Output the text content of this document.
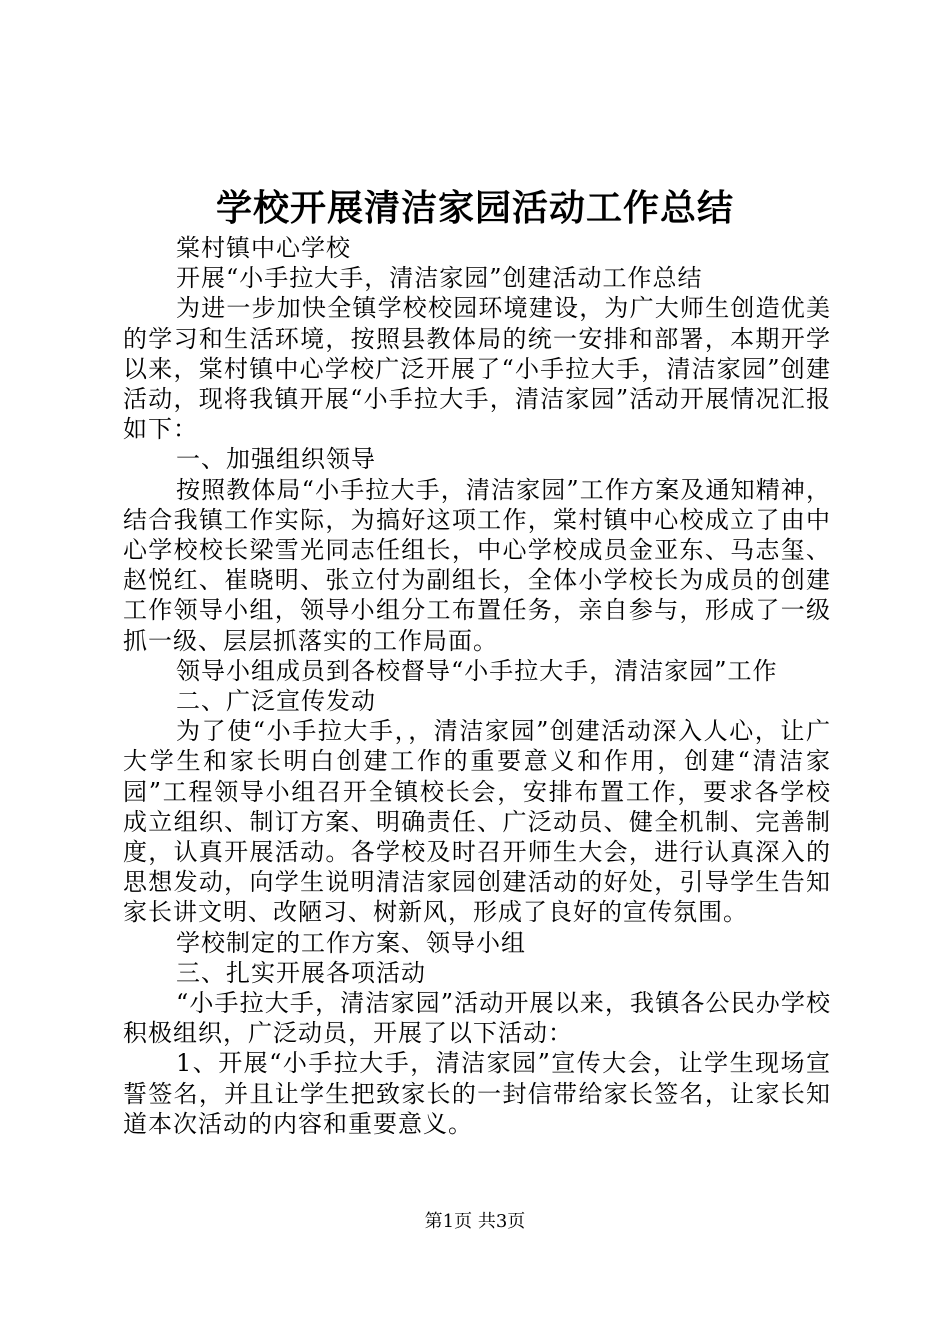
学校开展清洁家园活动工作总结

棠村镇中心学校

开展“小手拉大手，清洁家园”创建活动工作总结

为进一步加快全镇学校校园环境建设，为广大师生创造优美的学习和生活环境，按照县教体局的统一安排和部署，本期开学以来，棠村镇中心学校广泛开展了“小手拉大手，清洁家园”创建活动，现将我镇开展“小手拉大手，清洁家园”活动开展情况汇报如下：

一、加强组织领导

按照教体局“小手拉大手，清洁家园”工作方案及通知精神，结合我镇工作实际，为搞好这项工作，棠村镇中心校成立了由中心学校校长梁雪光同志任组长，中心学校成员金亚东、马志玺、赵悦红、崔晓明、张立付为副组长，全体小学校长为成员的创建工作领导小组，领导小组分工布置任务，亲自参与，形成了一级抓一级、层层抓落实的工作局面。

领导小组成员到各校督导“小手拉大手，清洁家园”工作

二、广泛宣传发动

为了使“小手拉大手，，清洁家园”创建活动深入人心，让广大学生和家长明白创建工作的重要意义和作用，创建“清洁家园”工程领导小组召开全镇校长会，安排布置工作，要求各学校成立组织、制订方案、明确责任、广泛动员、健全机制、完善制度，认真开展活动。各学校及时召开师生大会，进行认真深入的思想发动，向学生说明清洁家园创建活动的好处，引导学生告知家长讲文明、改陋习、树新风，形成了良好的宣传氛围。

学校制定的工作方案、领导小组

三、扎实开展各项活动

“小手拉大手，清洁家园”活动开展以来，我镇各公民办学校积极组织，广泛动员，开展了以下活动：

1、开展“小手拉大手，清洁家园”宣传大会，让学生现场宣誓签名，并且让学生把致家长的一封信带给家长签名，让家长知道本次活动的内容和重要意义。

第1页 共3页
